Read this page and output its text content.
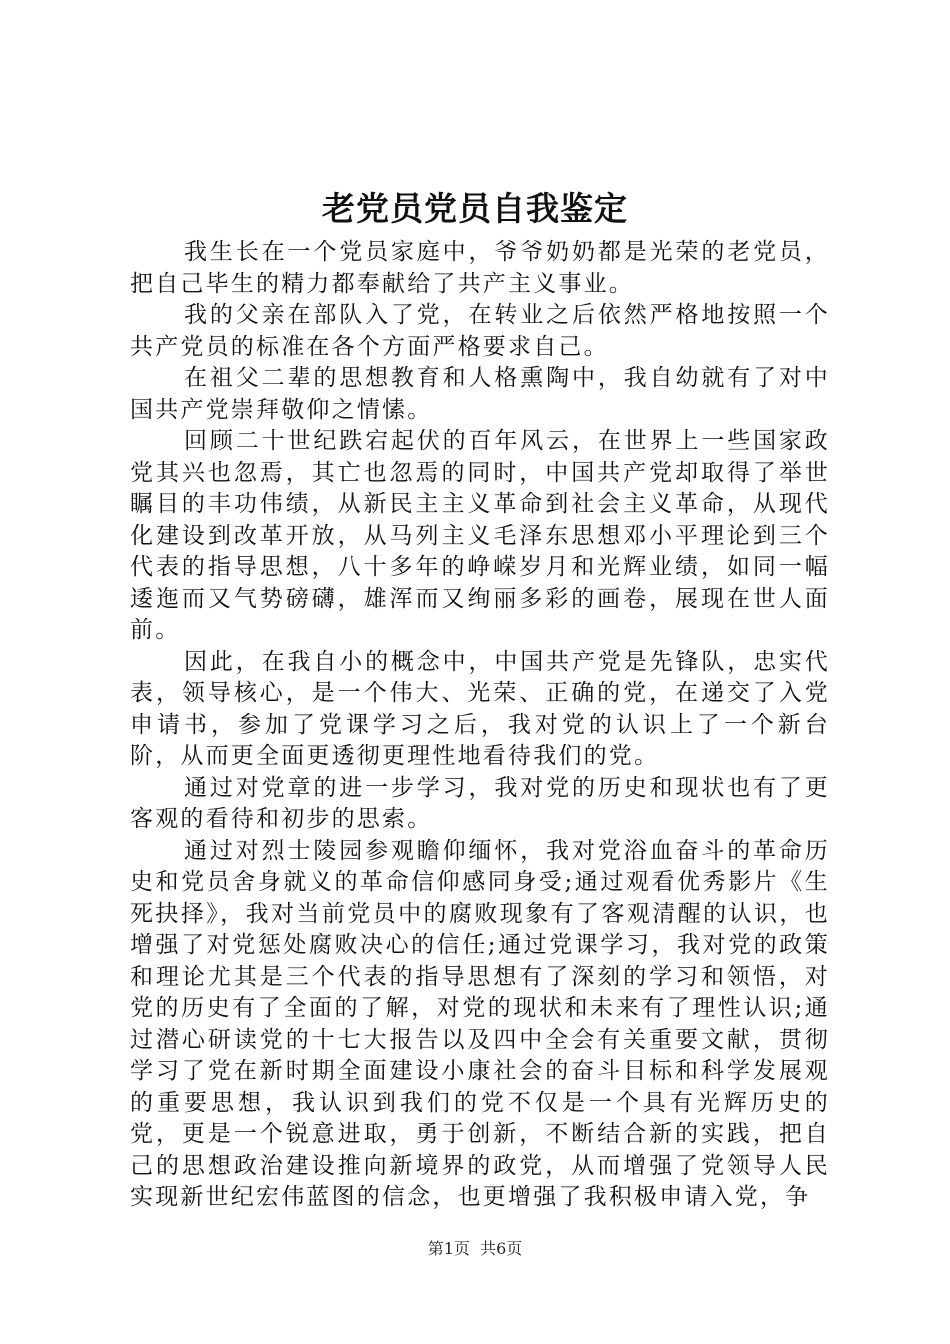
老党员党员自我鉴定

我生长在一个党员家庭中，爷爷奶奶都是光荣的老党员，把自己毕生的精力都奉献给了共产主义事业。

我的父亲在部队入了党，在转业之后依然严格地按照一个共产党员的标准在各个方面严格要求自己。

在祖父二辈的思想教育和人格熏陶中，我自幼就有了对中国共产党崇拜敬仰之情愫。

回顾二十世纪跌宕起伏的百年风云，在世界上一些国家政党其兴也忽焉，其亡也忽焉的同时，中国共产党却取得了举世瞩目的丰功伟绩，从新民主主义革命到社会主义革命，从现代化建设到改革开放，从马列主义毛泽东思想邓小平理论到三个代表的指导思想，八十多年的峥嵘岁月和光辉业绩，如同一幅逶迤而又气势磅礴，雄浑而又绚丽多彩的画卷，展现在世人面前。

因此，在我自小的概念中，中国共产党是先锋队，忠实代表，领导核心，是一个伟大、光荣、正确的党，在递交了入党申请书，参加了党课学习之后，我对党的认识上了一个新台阶，从而更全面更透彻更理性地看待我们的党。

通过对党章的进一步学习，我对党的历史和现状也有了更客观的看待和初步的思索。

通过对烈士陵园参观瞻仰缅怀，我对党浴血奋斗的革命历史和党员舍身就义的革命信仰感同身受;通过观看优秀影片《生死抉择》，我对当前党员中的腐败现象有了客观清醒的认识，也增强了对党惩处腐败决心的信任;通过党课学习，我对党的政策和理论尤其是三个代表的指导思想有了深刻的学习和领悟，对党的历史有了全面的了解，对党的现状和未来有了理性认识;通过潜心研读党的十七大报告以及四中全会有关重要文献，贯彻学习了党在新时期全面建设小康社会的奋斗目标和科学发展观的重要思想，我认识到我们的党不仅是一个具有光辉历史的党，更是一个锐意进取，勇于创新，不断结合新的实践，把自己的思想政治建设推向新境界的政党，从而增强了党领导人民实现新世纪宏伟蓝图的信念，也更增强了我积极申请入党，争

第1页  共6页
